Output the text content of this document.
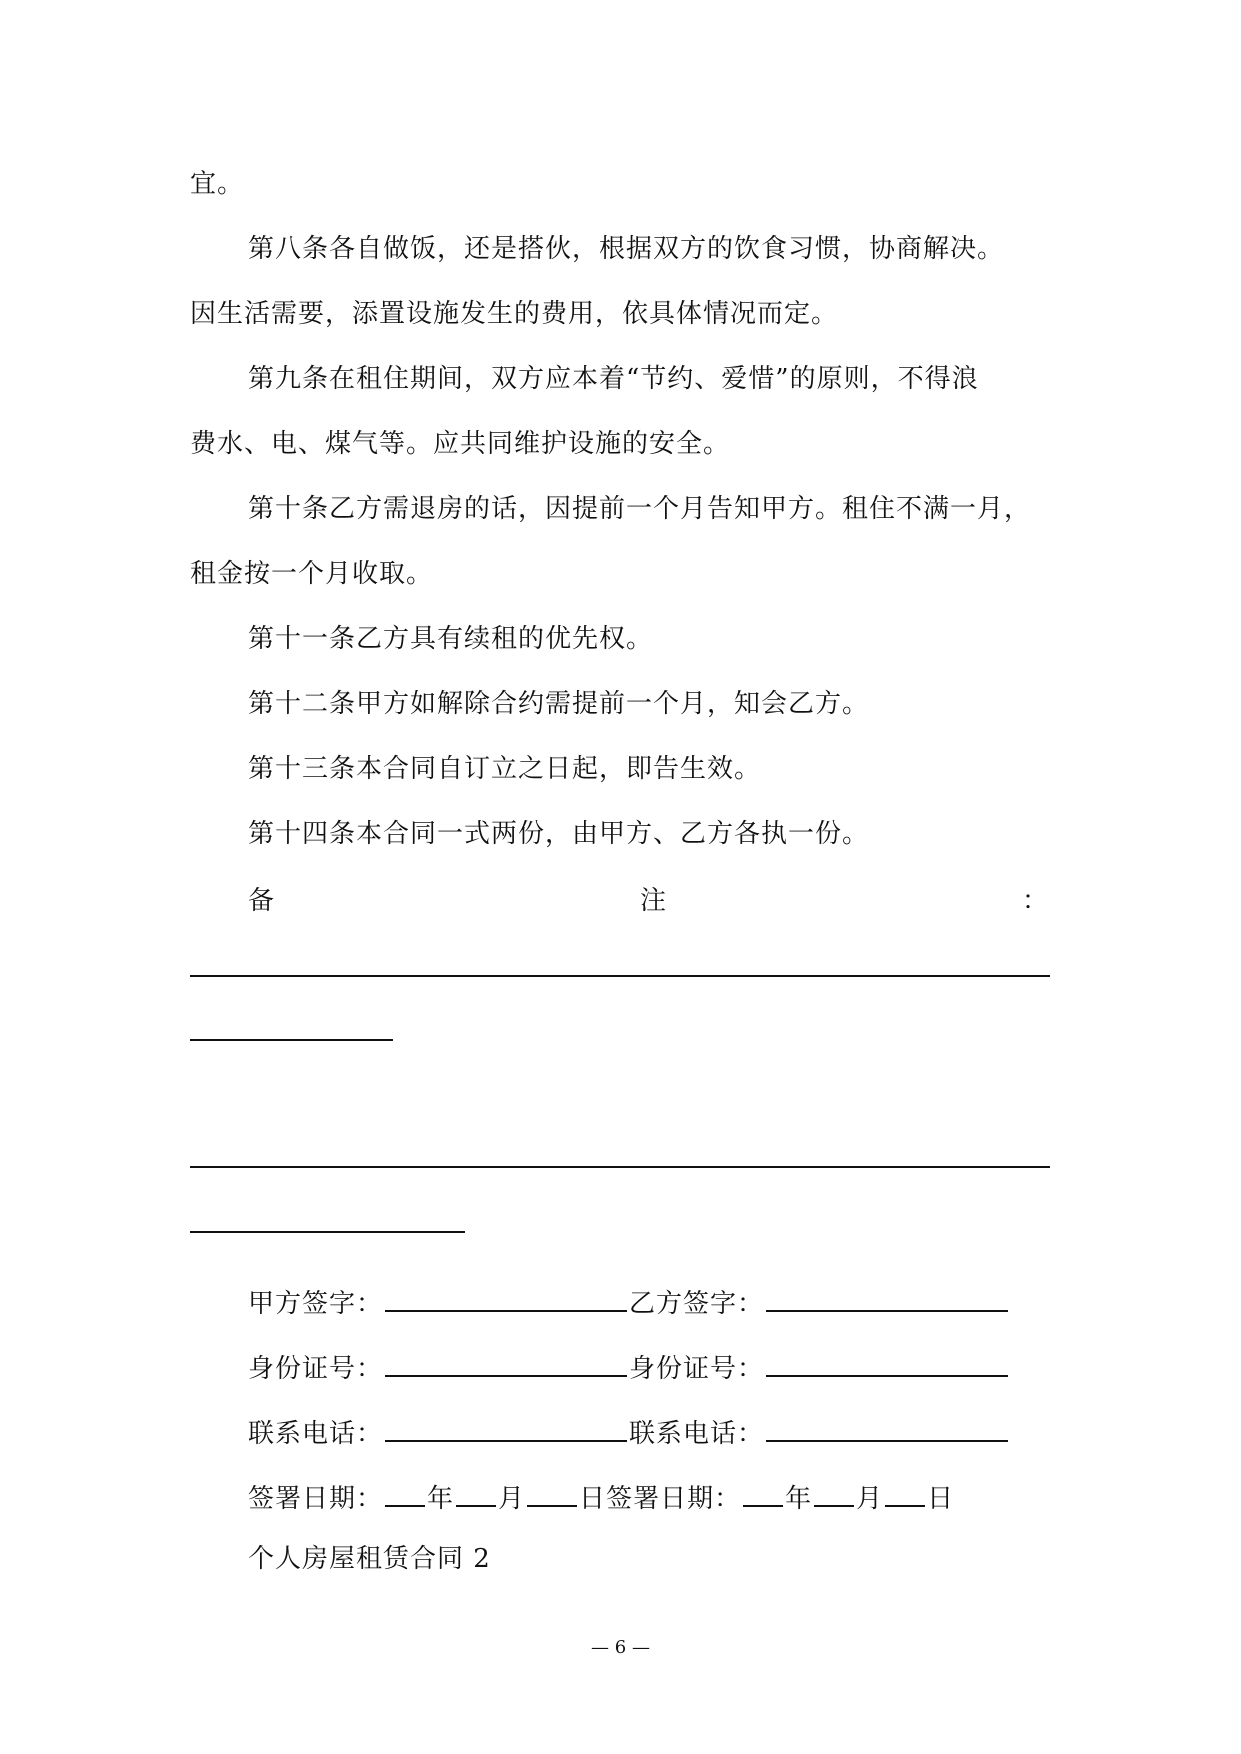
宜。
第八条各自做饭，还是搭伙，根据双方的饮食习惯，协商解决。
因生活需要，添置设施发生的费用，依具体情况而定。
第九条在租住期间，双方应本着“节约、爱惜”的原则，不得浪
费水、电、煤气等。应共同维护设施的安全。
第十条乙方需退房的话，因提前一个月告知甲方。租住不满一月，
租金按一个月收取。
第十一条乙方具有续租的优先权。
第十二条甲方如解除合约需提前一个月，知会乙方。
第十三条本合同自订立之日起，即告生效。
第十四条本合同一式两份，由甲方、乙方各执一份。
备	注	：
甲方签字：	乙方签字：
身份证号：	身份证号：
联系电话：	联系电话：
签署日期： 年 月 日签署日期： 年 月 日
个人房屋租赁合同 2
— 6 —
